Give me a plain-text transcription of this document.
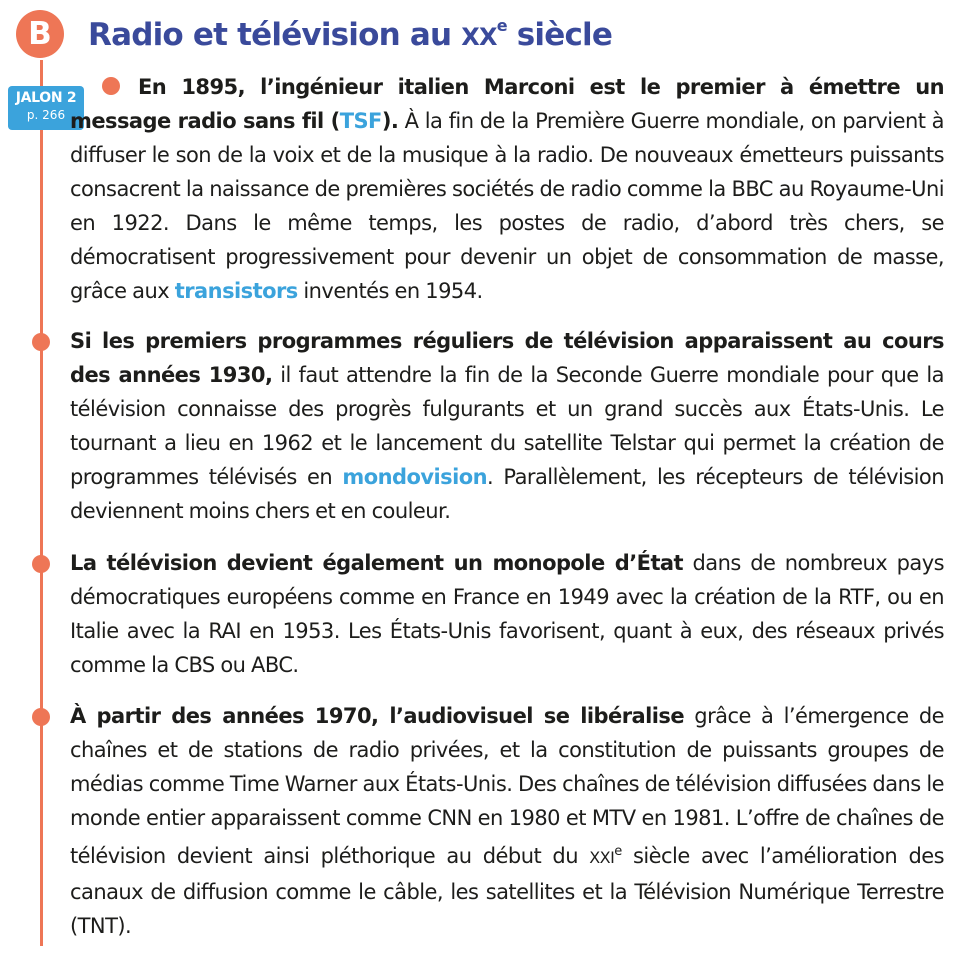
B	Radio et télévision au XXe siècle
JALON 2
p. 266

En 1895, l’ingénieur italien Marconi est le premier à émettre un message radio sans fil (TSF). À la fin de la Première Guerre mondiale, on parvient à diffuser le son de la voix et de la musique à la radio. De nouveaux émetteurs puissants consacrent la naissance de premières sociétés de radio comme la BBC au Royaume-Uni en 1922. Dans le même temps, les postes de radio, d’abord très chers, se démocratisent progressivement pour devenir un objet de consommation de masse, grâce aux transistors inventés en 1954.

Si les premiers programmes réguliers de télévision apparaissent au cours des années 1930, il faut attendre la fin de la Seconde Guerre mondiale pour que la télévision connaisse des progrès fulgurants et un grand succès aux États-Unis. Le tournant a lieu en 1962 et le lancement du satellite Telstar qui permet la création de programmes télévisés en mondovision. Parallèlement, les récepteurs de télévision deviennent moins chers et en couleur.

La télévision devient également un monopole d’État dans de nombreux pays démocratiques européens comme en France en 1949 avec la création de la RTF, ou en Italie avec la RAI en 1953. Les États-Unis favorisent, quant à eux, des réseaux privés comme la CBS ou ABC.

À partir des années 1970, l’audiovisuel se libéralise grâce à l’émergence de chaînes et de stations de radio privées, et la constitution de puissants groupes de médias comme Time Warner aux États-Unis. Des chaînes de télévision diffusées dans le monde entier apparaissent comme CNN en 1980 et MTV en 1981. L’offre de chaînes de télévision devient ainsi pléthorique au début du XXIe siècle avec l’amélioration des canaux de diffusion comme le câble, les satellites et la Télévision Numérique Terrestre (TNT).
